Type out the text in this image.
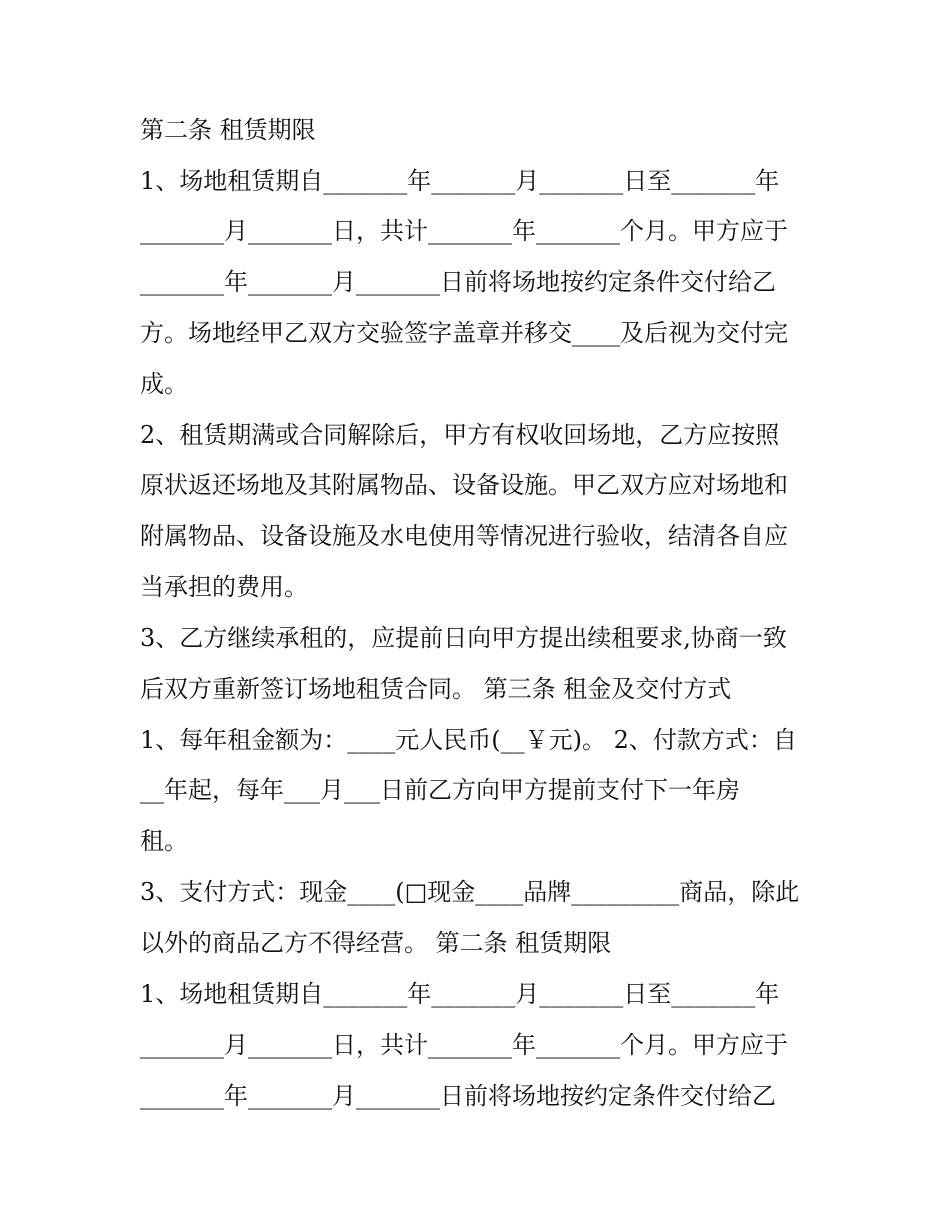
第二条 租赁期限
1、场地租赁期自_______年_______月_______日至_______年
_______月_______日，共计_______年_______个月。甲方应于
_______年_______月_______日前将场地按约定条件交付给乙
方。场地经甲乙双方交验签字盖章并移交____及后视为交付完
成。
2、租赁期满或合同解除后，甲方有权收回场地，乙方应按照
原状返还场地及其附属物品、设备设施。甲乙双方应对场地和
附属物品、设备设施及水电使用等情况进行验收，结清各自应
当承担的费用。
3、乙方继续承租的，应提前日向甲方提出续租要求,协商一致
后双方重新签订场地租赁合同。 第三条 租金及交付方式
1、每年租金额为：____元人民币(__￥元)。 2、付款方式：自
__年起，每年___月___日前乙方向甲方提前支付下一年房
租。
3、支付方式：现金____(□现金____品牌_________商品，除此
以外的商品乙方不得经营。 第二条 租赁期限
1、场地租赁期自_______年_______月_______日至_______年
_______月_______日，共计_______年_______个月。甲方应于
_______年_______月_______日前将场地按约定条件交付给乙
